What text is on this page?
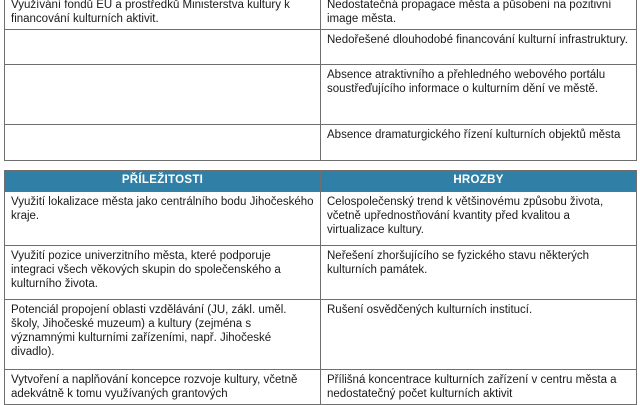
Využívání fondů EU a prostředků Ministerstva kultury k financování kulturních aktivit.	Nedostatečná propagace města a působení na pozitivní image města.
	Nedořešené dlouhodobé financování kulturní infrastruktury.
	Absence atraktivního a přehledného webového portálu soustřeďujícího informace o kulturním dění ve městě.
	Absence dramaturgického řízení kulturních objektů města
PŘÍLEŽITOSTI	HROZBY
Využití lokalizace města jako centrálního bodu Jihočeského kraje.	Celospolečenský trend k většinovému způsobu života, včetně upřednostňování kvantity před kvalitou a virtualizace kultury.
Využití pozice univerzitního města, které podporuje integraci všech věkových skupin do společenského a kulturního života.	Neřešení zhoršujícího se fyzického stavu některých kulturních památek.
Potenciál propojení oblasti vzdělávání (JU, zákl. uměl. školy, Jihočeské muzeum) a kultury (zejména s významnými kulturními zařízeními, např. Jihočeské divadlo).	Rušení osvědčených kulturních institucí.
Vytvoření a naplňování koncepce rozvoje kultury, včetně adekvátně k tomu využívaných grantových	Přílišná koncentrace kulturních zařízení v centru města a nedostatečný počet kulturních aktivit
